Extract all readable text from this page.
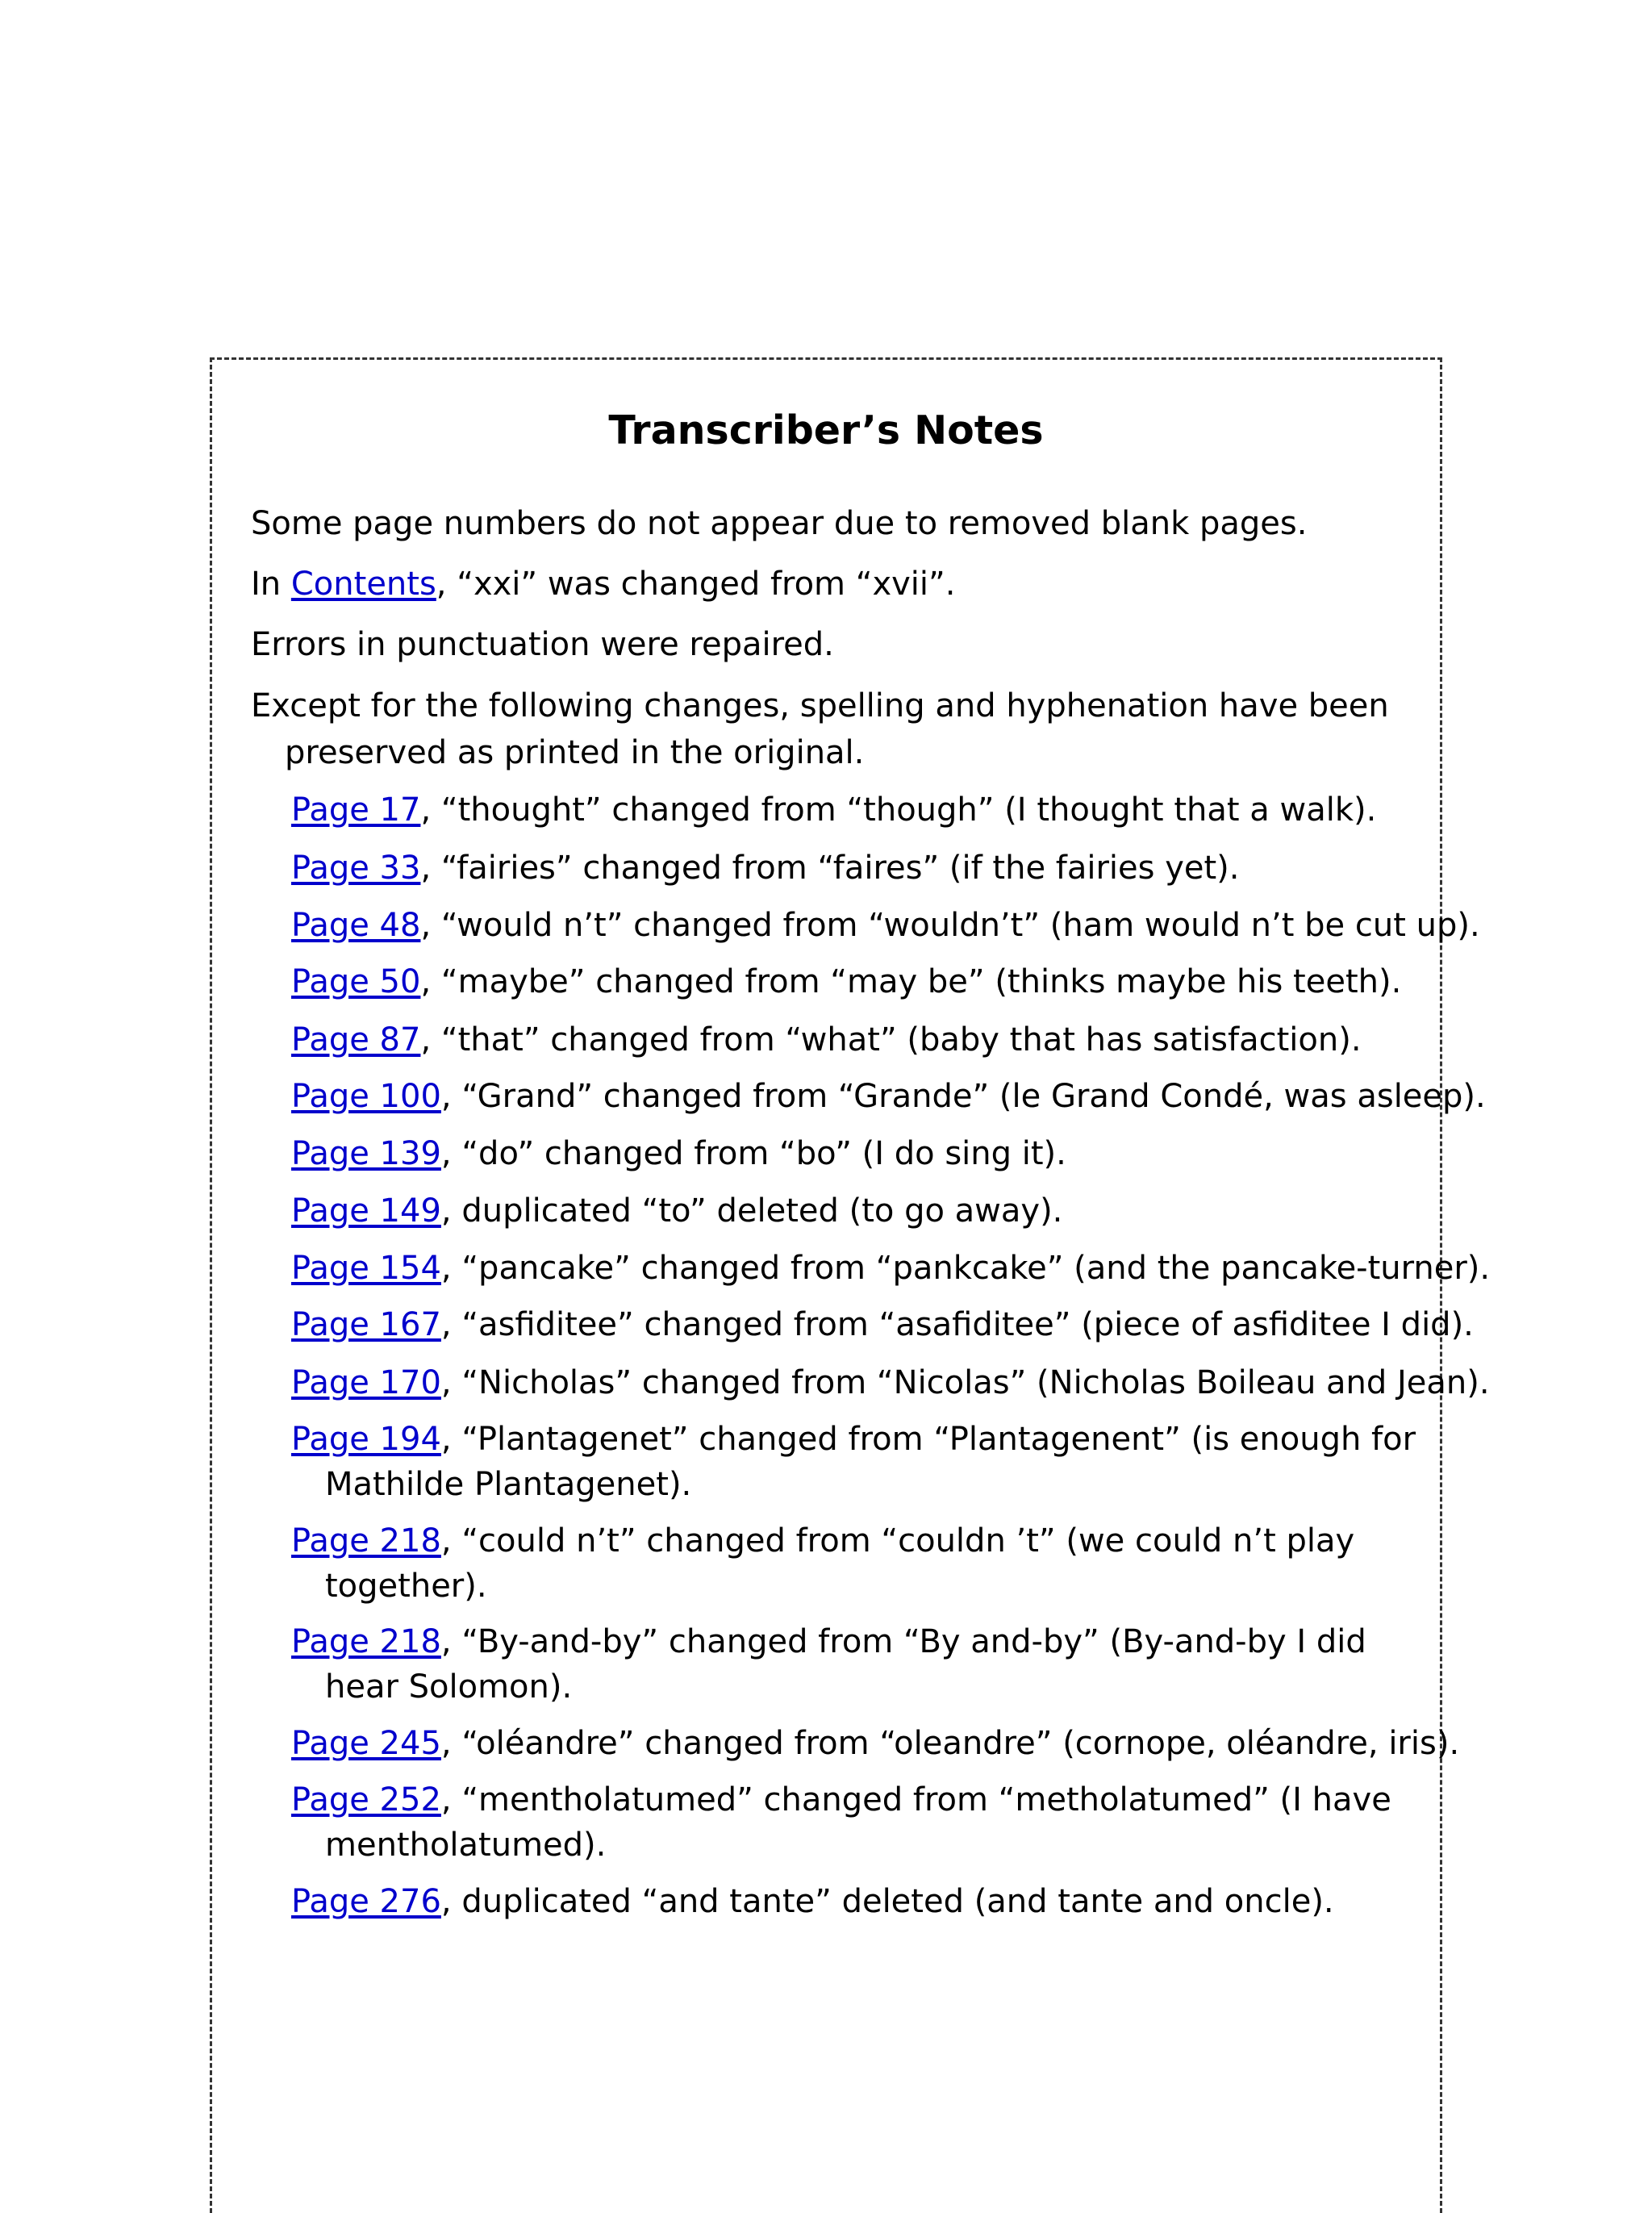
Transcriber’s Notes

Some page numbers do not appear due to removed blank pages.

In Contents, “xxi” was changed from “xvii”.

Errors in punctuation were repaired.

Except for the following changes, spelling and hyphenation have been preserved as printed in the original.

Page 17, “thought” changed from “though” (I thought that a walk).

Page 33, “fairies” changed from “faires” (if the fairies yet).

Page 48, “would n’t” changed from “wouldn’t” (ham would n’t be cut up).

Page 50, “maybe” changed from “may be” (thinks maybe his teeth).

Page 87, “that” changed from “what” (baby that has satisfaction).

Page 100, “Grand” changed from “Grande” (le Grand Condé, was asleep).

Page 139, “do” changed from “bo” (I do sing it).

Page 149, duplicated “to” deleted (to go away).

Page 154, “pancake” changed from “pankcake” (and the pancake-turner).

Page 167, “asfiditee” changed from “asafiditee” (piece of asfiditee I did).

Page 170, “Nicholas” changed from “Nicolas” (Nicholas Boileau and Jean).

Page 194, “Plantagenet” changed from “Plantagenent” (is enough for Mathilde Plantagenet).

Page 218, “could n’t” changed from “couldn ’t” (we could n’t play together).

Page 218, “By-and-by” changed from “By and-by” (By-and-by I did hear Solomon).

Page 245, “oléandre” changed from “oleandre” (cornope, oléandre, iris).

Page 252, “mentholatumed” changed from “metholatumed” (I have mentholatumed).

Page 276, duplicated “and tante” deleted (and tante and oncle).
